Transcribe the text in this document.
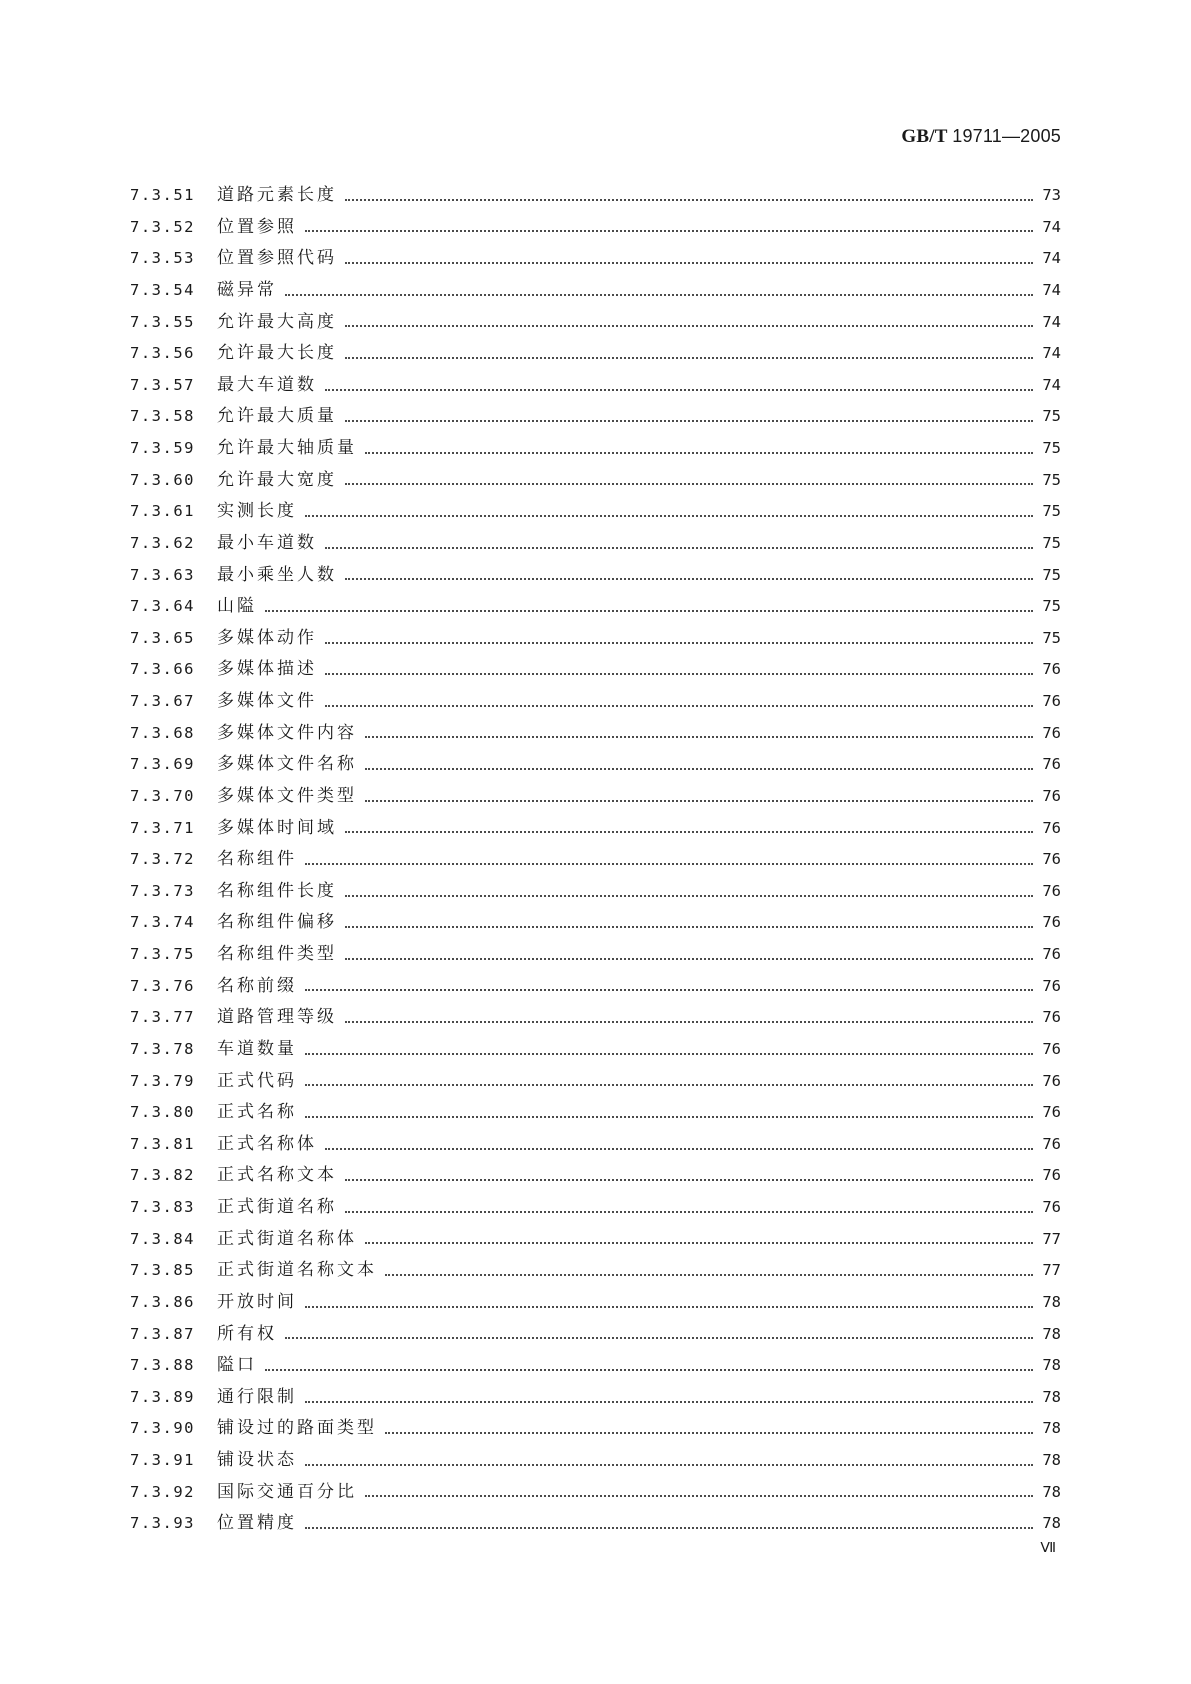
GB/T 19711—2005
7.3.51	道路元素长度	73
7.3.52	位置参照	74
7.3.53	位置参照代码	74
7.3.54	磁异常	74
7.3.55	允许最大高度	74
7.3.56	允许最大长度	74
7.3.57	最大车道数	74
7.3.58	允许最大质量	75
7.3.59	允许最大轴质量	75
7.3.60	允许最大宽度	75
7.3.61	实测长度	75
7.3.62	最小车道数	75
7.3.63	最小乘坐人数	75
7.3.64	山隘	75
7.3.65	多媒体动作	75
7.3.66	多媒体描述	76
7.3.67	多媒体文件	76
7.3.68	多媒体文件内容	76
7.3.69	多媒体文件名称	76
7.3.70	多媒体文件类型	76
7.3.71	多媒体时间域	76
7.3.72	名称组件	76
7.3.73	名称组件长度	76
7.3.74	名称组件偏移	76
7.3.75	名称组件类型	76
7.3.76	名称前缀	76
7.3.77	道路管理等级	76
7.3.78	车道数量	76
7.3.79	正式代码	76
7.3.80	正式名称	76
7.3.81	正式名称体	76
7.3.82	正式名称文本	76
7.3.83	正式街道名称	76
7.3.84	正式街道名称体	77
7.3.85	正式街道名称文本	77
7.3.86	开放时间	78
7.3.87	所有权	78
7.3.88	隘口	78
7.3.89	通行限制	78
7.3.90	铺设过的路面类型	78
7.3.91	铺设状态	78
7.3.92	国际交通百分比	78
7.3.93	位置精度	78
Ⅶ
